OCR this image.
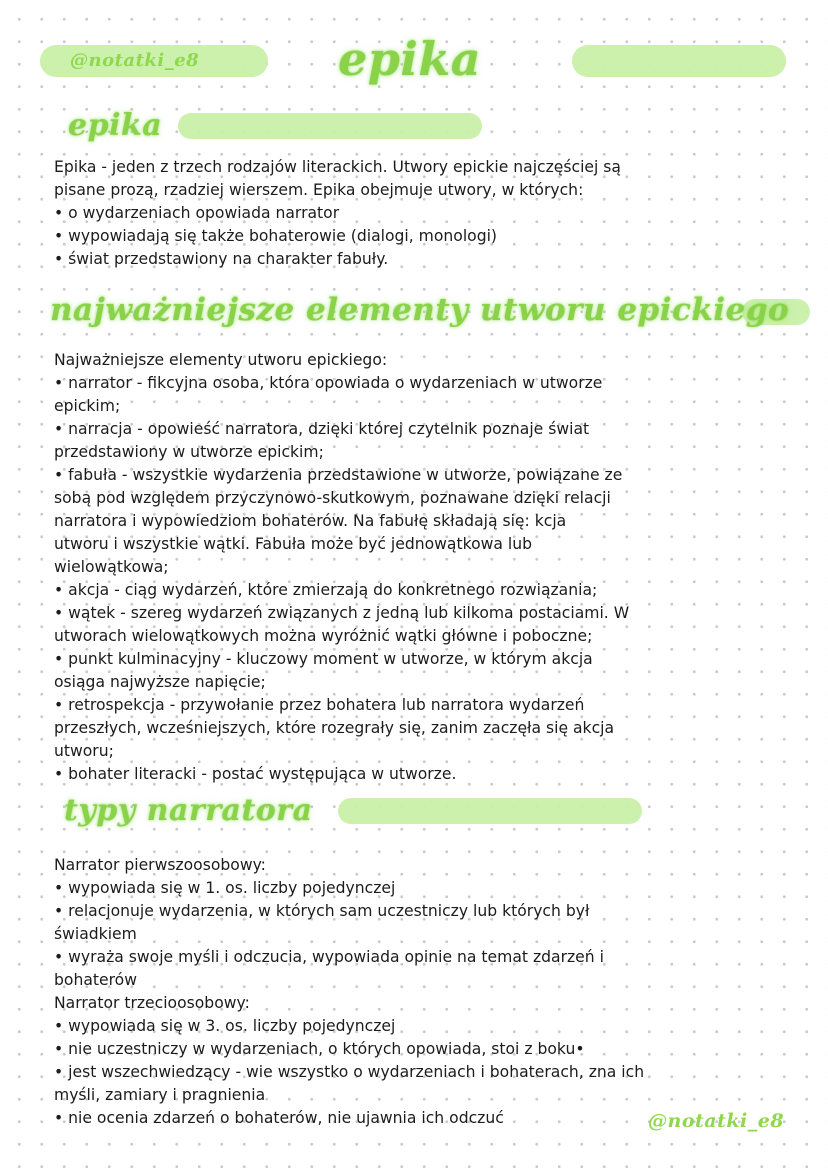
@notatki_e8	epika
epika
Epika - jeden z trzech rodzajów literackich. Utwory epickie najczęściej są
pisane prozą, rzadziej wierszem. Epika obejmuje utwory, w których:
• o wydarzeniach opowiada narrator
• wypowiadają się także bohaterowie (dialogi, monologi)
• świat przedstawiony na charakter fabuły.
najważniejsze elementy utworu epickiego
Najważniejsze elementy utworu epickiego:
• narrator - fikcyjna osoba, która opowiada o wydarzeniach w utworze
epickim;
• narracja - opowieść narratora, dzięki której czytelnik poznaje świat
przedstawiony w utworze epickim;
• fabuła - wszystkie wydarzenia przedstawione w utworze, powiązane ze
sobą pod względem przyczynowo-skutkowym, poznawane dzięki relacji
narratora i wypowiedziom bohaterów. Na fabułę składają się: kcja
utworu i wszystkie wątki. Fabuła może być jednowątkowa lub
wielowątkowa;
• akcja - ciąg wydarzeń, które zmierzają do konkretnego rozwiązania;
• wątek - szereg wydarzeń związanych z jedną lub kilkoma postaciami. W
utworach wielowątkowych można wyróżnić wątki główne i poboczne;
• punkt kulminacyjny - kluczowy moment w utworze, w którym akcja
osiąga najwyższe napięcie;
• retrospekcja - przywołanie przez bohatera lub narratora wydarzeń
przeszłych, wcześniejszych, które rozegrały się, zanim zaczęła się akcja
utworu;
• bohater literacki - postać występująca w utworze.
typy narratora
Narrator pierwszoosobowy:
• wypowiada się w 1. os. liczby pojedynczej
• relacjonuje wydarzenia, w których sam uczestniczy lub których był
świadkiem
• wyraża swoje myśli i odczucia, wypowiada opinie na temat zdarzeń i
bohaterów
Narrator trzecioosobowy:
• wypowiada się w 3. os. liczby pojedynczej
• nie uczestniczy w wydarzeniach, o których opowiada, stoi z boku•
• jest wszechwiedzący - wie wszystko o wydarzeniach i bohaterach, zna ich
myśli, zamiary i pragnienia
• nie ocenia zdarzeń o bohaterów, nie ujawnia ich odczuć	@notatki_e8
